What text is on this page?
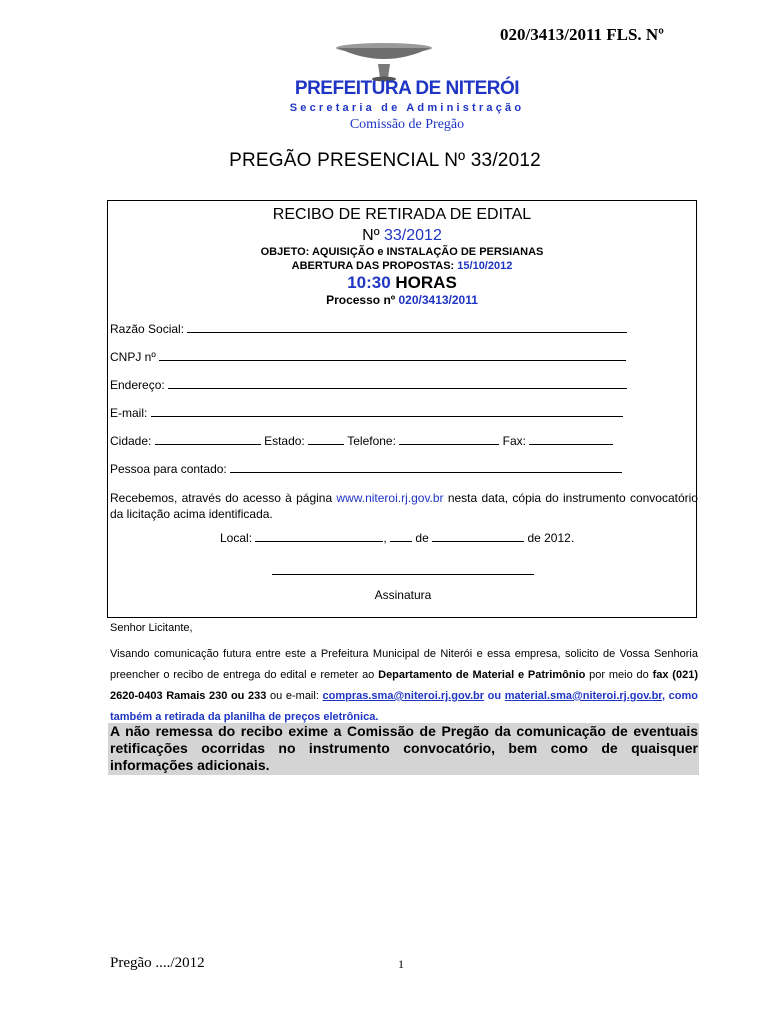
020/3413/2011 FLS. Nº
PREFEITURA DE NITERÓI
Secretaria de Administração
Comissão de Pregão
PREGÃO PRESENCIAL Nº 33/2012
RECIBO DE RETIRADA DE EDITAL
Nº 33/2012
OBJETO: AQUISIÇÃO e INSTALAÇÃO DE PERSIANAS
ABERTURA DAS PROPOSTAS: 15/10/2012
10:30 HORAS
Processo nº 020/3413/2011
Razão Social:
CNPJ nº
Endereço:
E-mail:
Cidade:	Estado:	Telefone:	Fax:
Pessoa para contado:
Recebemos, através do acesso à página www.niteroi.rj.gov.br nesta data, cópia do instrumento convocatório da licitação acima identificada.
Local:	,  de	de 2012.
Assinatura
Senhor Licitante,
Visando comunicação futura entre este a Prefeitura Municipal de Niterói e essa empresa, solicito de Vossa Senhoria preencher o recibo de entrega do edital e remeter ao Departamento de Material e Patrimônio por meio do fax (021) 2620-0403 Ramais 230 ou 233 ou e-mail: compras.sma@niteroi.rj.gov.br ou material.sma@niteroi.rj.gov.br, como também a retirada da planilha de preços eletrônica.
A não remessa do recibo exime a Comissão de Pregão da comunicação de eventuais retificações ocorridas no instrumento convocatório, bem como de quaisquer informações adicionais.
Pregão ..../2012	1
